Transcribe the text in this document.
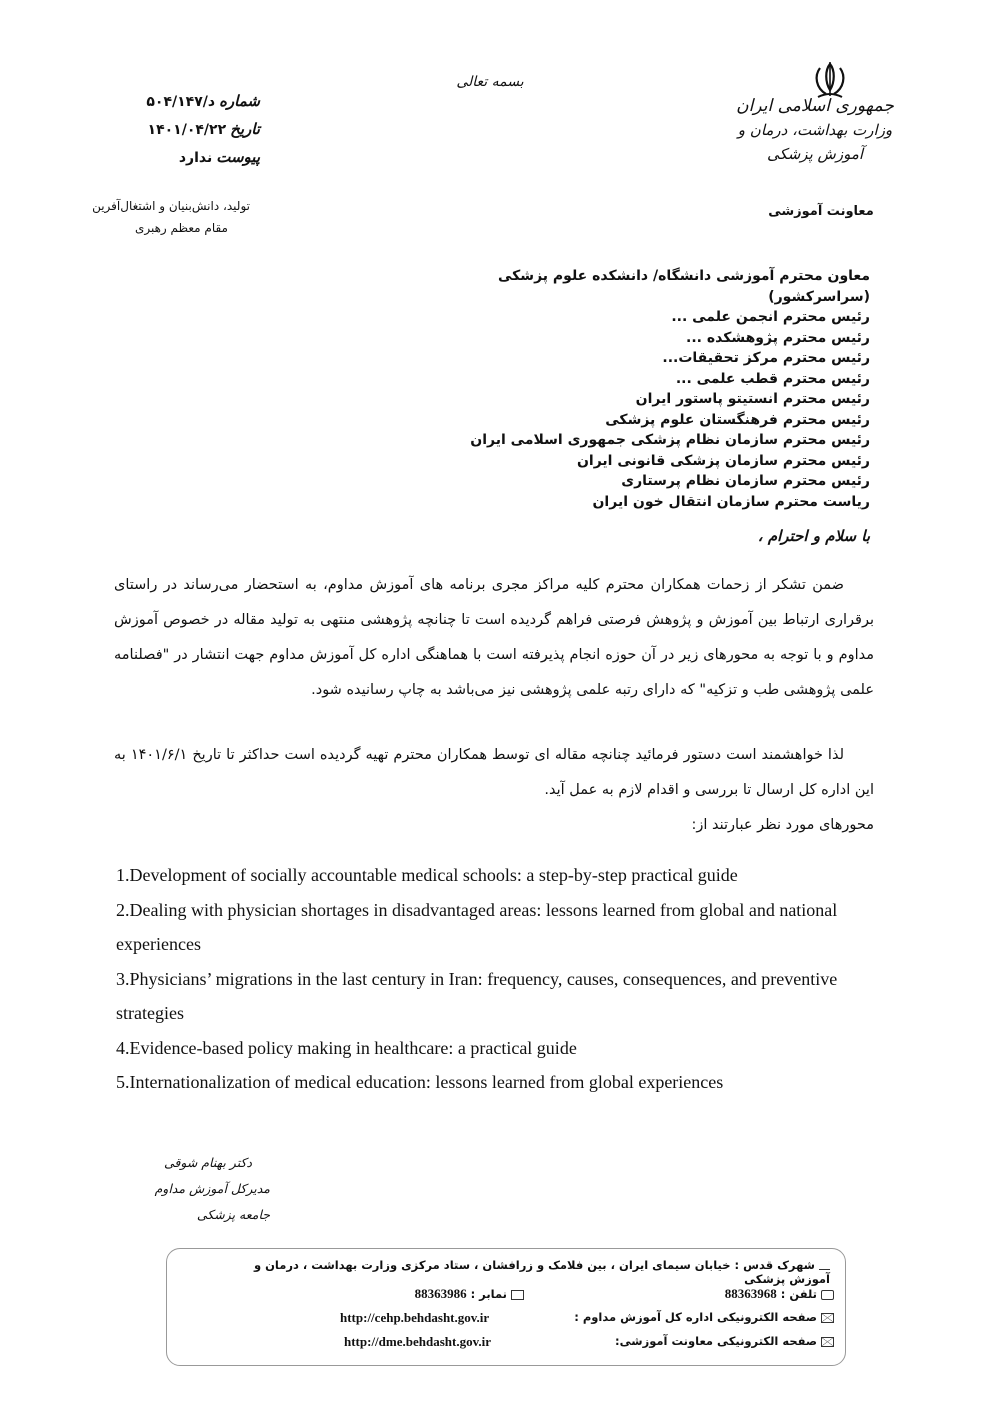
جمهوری اسلامی ایران
وزارت بهداشت، درمان و آموزش پزشکی
معاونت آموزشی
بسمه تعالی
شماره
د/۵۰۴/۱۴۷
تاریخ
۱۴۰۱/۰۴/۲۲
پیوست
ندارد
تولید، دانش‌بنیان و اشتغال‌آفرین
مقام معظم رهبری
معاون محترم آموزشی دانشگاه/ دانشکده علوم پزشکی (سراسرکشور)
رئیس محترم انجمن علمی ...
رئیس محترم پژوهشکده ...
رئیس محترم مرکز تحقیقات...
رئیس محترم قطب علمی ...
رئیس محترم انستیتو پاستور ایران
رئیس محترم فرهنگستان علوم پزشکی
رئیس محترم سازمان نظام پزشکی جمهوری اسلامی ایران
رئیس محترم سازمان پزشکی قانونی ایران
رئیس محترم سازمان نظام پرستاری
ریاست محترم سازمان انتقال خون ایران
با سلام و احترام ،
ضمن تشکر از زحمات همکاران محترم کلیه مراکز مجری برنامه های آموزش مداوم، به استحضار می‌رساند در راستای برقراری ارتباط بین آموزش و پژوهش فرصتی فراهم گردیده است تا چنانچه پژوهشی منتهی به تولید مقاله در خصوص آموزش مداوم و با توجه به محورهای زیر در آن حوزه انجام پذیرفته است با هماهنگی اداره کل آموزش مداوم جهت انتشار در "فصلنامه علمی پژوهشی طب و تزکیه" که دارای رتبه علمی پژوهشی نیز می‌باشد به چاپ رسانیده شود.
لذا خواهشمند است دستور فرمائید چنانچه مقاله ای توسط همکاران محترم تهیه گردیده است حداکثر تا تاریخ ۱۴۰۱/۶/۱ به این اداره کل ارسال تا بررسی و اقدام لازم به عمل آید.
محورهای مورد نظر عبارتند از:
1.Development of socially accountable medical schools: a step-by-step practical guide
2.Dealing with physician shortages in disadvantaged areas: lessons learned from global and national experiences
3.Physicians’ migrations in the last century in Iran: frequency, causes, consequences, and preventive strategies
4.Evidence-based policy making in healthcare: a practical guide
5.Internationalization of medical education: lessons learned from global experiences
دکتر بهنام شوقی
مدیرکل آموزش مداوم جامعه پزشکی
شهرک قدس : خیابان سیمای ایران ، بین فلامک و زرافشان ، ستاد مرکزی وزارت بهداشت ، درمان و آموزش پزشکی
تلفن : 88363968
نمابر : 88363986
صفحه الکترونیکی اداره کل آموزش مداوم :
http://cehp.behdasht.gov.ir
صفحه الکترونیکی معاونت آموزشی:
http://dme.behdasht.gov.ir
